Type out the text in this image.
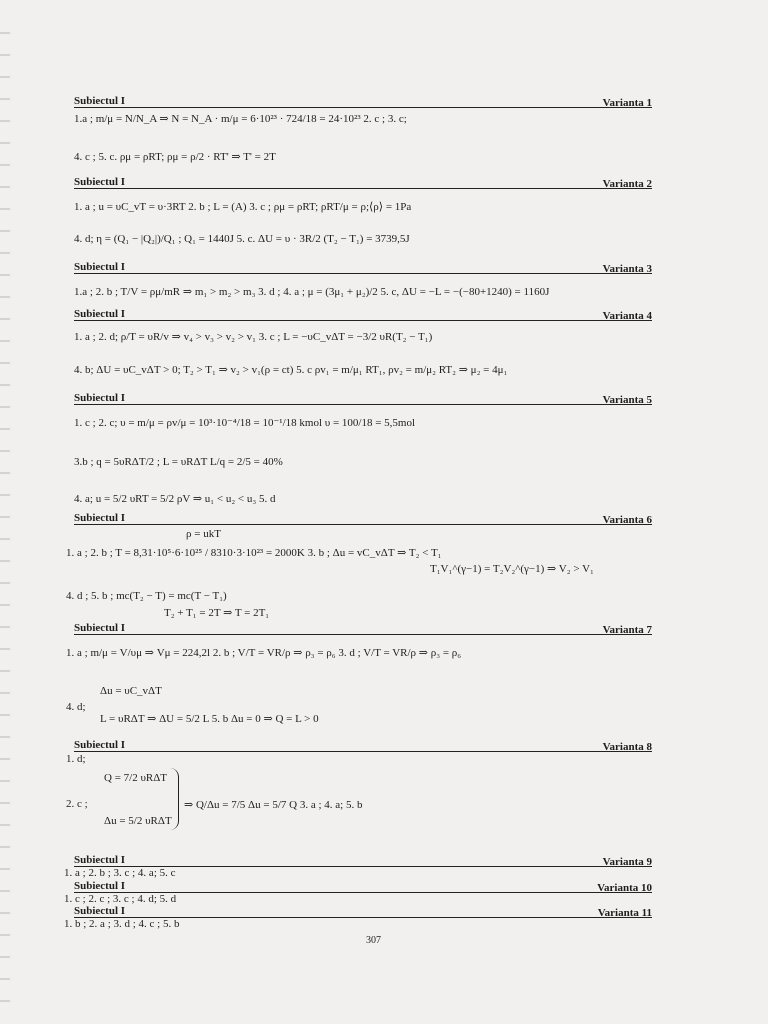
Subiectul I	Varianta 1
1.a ; m/μ = N/N_A ⇒ N = N_A · m/μ = 6·10²³ · 724/18 = 24·10²³ 2. c ; 3. c;
4. c ; 5. c. ρμ = ρRT; ρμ = ρ/2 · RT' ⇒ T' = 2T
Subiectul I	Varianta 2
1. a ; u = υC_vT = υ·3RT 2. b ; L = (A) 3. c ; ρμ = ρRT; ρRT/μ = ρ;⟨ρ⟩ = 1Pa
4. d; η = (Q₁ − |Q₂|)/Q₁ ; Q₁ = 1440J 5. c. ΔU = υ · 3R/2 (T₂ − T₁) = 3739,5J
Subiectul I	Varianta 3
1.a ; 2. b ; T/V = ρμ/mR ⇒ m₁ > m₂ > m₃ 3. d ; 4. a ; μ = (3μ₁ + μ₂)/2 5. c, ΔU = −L = −(−80+1240) = 1160J
Subiectul I	Varianta 4
1. a ; 2. d; ρ/T = υR/v ⇒ v₄ > v₃ > v₂ > v₁ 3. c ; L = −υC_vΔT = −3/2 υR(T₂ − T₁)
4. b; ΔU = υC_vΔT > 0; T₂ > T₁ ⇒ v₂ > v₁(ρ = ct) 5. c ρv₁ = m/μ₁ RT₁, ρv₂ = m/μ₂ RT₂ ⇒ μ₂ = 4μ₁
Subiectul I	Varianta 5
1. c ; 2. c; υ = m/μ = ρv/μ = 10³·10⁻⁴/18 = 10⁻¹/18 kmol υ = 100/18 = 5,5mol
3.b ; q = 5υRΔT/2 ; L = υRΔT L/q = 2/5 = 40%
4. a; u = 5/2 υRT = 5/2 ρV ⇒ u₁ < u₂ < u₃ 5. d
Subiectul I	Varianta 6
ρ = ukT
1. a ; 2. b ; T = 8,31·10⁵·6·10²⁵ / 8310·3·10²³ = 2000K 3. b ; Δu = vC_vΔT ⇒ T₂ < T₁
T₁V₁^(γ−1) = T₂V₂^(γ−1) ⇒ V₂ > V₁
4. d ; 5. b ; mc(T₂ − T) = mc(T − T₁)
T₂ + T₁ = 2T ⇒ T = 2T₁
Subiectul I	Varianta 7
1. a ; m/μ = V/υμ ⇒ Vμ = 224,2l 2. b ; V/T = VR/ρ ⇒ ρ₃ = ρ₆ 3. d ; V/T = VR/ρ ⇒ ρ₃ = ρ₆
Δu = υC_vΔT
4. d;
L = υRΔT ⇒ ΔU = 5/2 L 5. b Δu = 0 ⇒ Q = L > 0
Subiectul I	Varianta 8
1. d;
Q = 7/2 υRΔT
2. c ;
Δu = 5/2 υRΔT
⇒ Q/Δu = 7/5 Δu = 5/7 Q 3. a ; 4. a; 5. b
Subiectul I	Varianta 9
1. a ; 2. b ; 3. c ; 4. a; 5. c
Subiectul I	Varianta 10
1. c ; 2. c ; 3. c ; 4. d; 5. d
Subiectul I	Varianta 11
1. b ; 2. a ; 3. d ; 4. c ; 5. b
307
